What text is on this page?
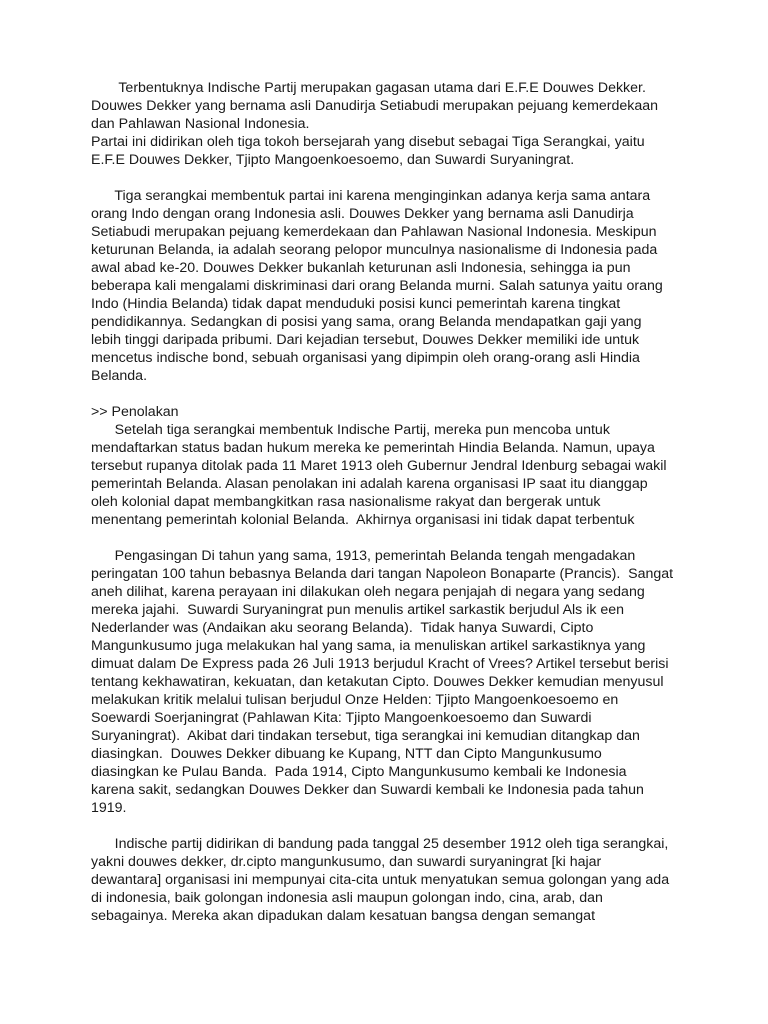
Terbentuknya Indische Partij merupakan gagasan utama dari E.F.E Douwes Dekker.
Douwes Dekker yang bernama asli Danudirja Setiabudi merupakan pejuang kemerdekaan
dan Pahlawan Nasional Indonesia.
Partai ini didirikan oleh tiga tokoh bersejarah yang disebut sebagai Tiga Serangkai, yaitu
E.F.E Douwes Dekker, Tjipto Mangoenkoesoemo, dan Suwardi Suryaningrat.
Tiga serangkai membentuk partai ini karena menginginkan adanya kerja sama antara
orang Indo dengan orang Indonesia asli. Douwes Dekker yang bernama asli Danudirja
Setiabudi merupakan pejuang kemerdekaan dan Pahlawan Nasional Indonesia. Meskipun
keturunan Belanda, ia adalah seorang pelopor munculnya nasionalisme di Indonesia pada
awal abad ke-20. Douwes Dekker bukanlah keturunan asli Indonesia, sehingga ia pun
beberapa kali mengalami diskriminasi dari orang Belanda murni. Salah satunya yaitu orang
Indo (Hindia Belanda) tidak dapat menduduki posisi kunci pemerintah karena tingkat
pendidikannya. Sedangkan di posisi yang sama, orang Belanda mendapatkan gaji yang
lebih tinggi daripada pribumi. Dari kejadian tersebut, Douwes Dekker memiliki ide untuk
mencetus indische bond, sebuah organisasi yang dipimpin oleh orang-orang asli Hindia
Belanda.
>> Penolakan
Setelah tiga serangkai membentuk Indische Partij, mereka pun mencoba untuk
mendaftarkan status badan hukum mereka ke pemerintah Hindia Belanda. Namun, upaya
tersebut rupanya ditolak pada 11 Maret 1913 oleh Gubernur Jendral Idenburg sebagai wakil
pemerintah Belanda. Alasan penolakan ini adalah karena organisasi IP saat itu dianggap
oleh kolonial dapat membangkitkan rasa nasionalisme rakyat dan bergerak untuk
menentang pemerintah kolonial Belanda.  Akhirnya organisasi ini tidak dapat terbentuk
Pengasingan Di tahun yang sama, 1913, pemerintah Belanda tengah mengadakan
peringatan 100 tahun bebasnya Belanda dari tangan Napoleon Bonaparte (Prancis).  Sangat
aneh dilihat, karena perayaan ini dilakukan oleh negara penjajah di negara yang sedang
mereka jajahi.  Suwardi Suryaningrat pun menulis artikel sarkastik berjudul Als ik een
Nederlander was (Andaikan aku seorang Belanda).  Tidak hanya Suwardi, Cipto
Mangunkusumo juga melakukan hal yang sama, ia menuliskan artikel sarkastiknya yang
dimuat dalam De Express pada 26 Juli 1913 berjudul Kracht of Vrees? Artikel tersebut berisi
tentang kekhawatiran, kekuatan, dan ketakutan Cipto. Douwes Dekker kemudian menyusul
melakukan kritik melalui tulisan berjudul Onze Helden: Tjipto Mangoenkoesoemo en
Soewardi Soerjaningrat (Pahlawan Kita: Tjipto Mangoenkoesoemo dan Suwardi
Suryaningrat).  Akibat dari tindakan tersebut, tiga serangkai ini kemudian ditangkap dan
diasingkan.  Douwes Dekker dibuang ke Kupang, NTT dan Cipto Mangunkusumo
diasingkan ke Pulau Banda.  Pada 1914, Cipto Mangunkusumo kembali ke Indonesia
karena sakit, sedangkan Douwes Dekker dan Suwardi kembali ke Indonesia pada tahun
1919.
Indische partij didirikan di bandung pada tanggal 25 desember 1912 oleh tiga serangkai,
yakni douwes dekker, dr.cipto mangunkusumo, dan suwardi suryaningrat [ki hajar
dewantara] organisasi ini mempunyai cita-cita untuk menyatukan semua golongan yang ada
di indonesia, baik golongan indonesia asli maupun golongan indo, cina, arab, dan
sebagainya. Mereka akan dipadukan dalam kesatuan bangsa dengan semangat
